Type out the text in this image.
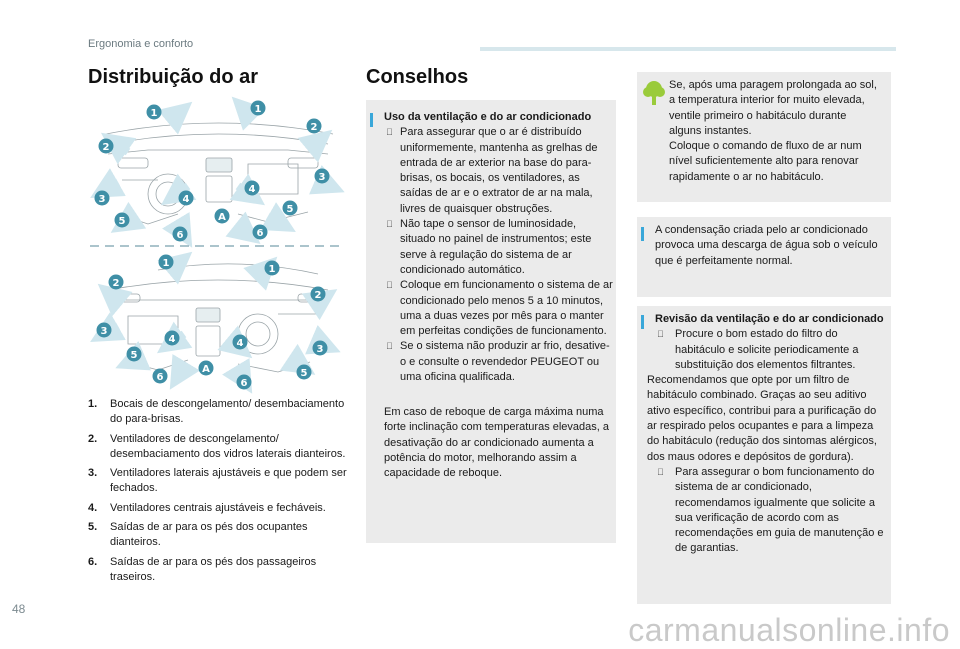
Ergonomia e conforto
Distribuição do ar
1	1
2
2
3
3
4
4
5
5
6	6
A
1
1
2
2
3
3
4	4
5
5
6
6
A
1. Bocais de descongelamento/ desembaciamento do para-brisas.
2. Ventiladores de descongelamento/ desembaciamento dos vidros laterais dianteiros.
3. Ventiladores laterais ajustáveis e que podem ser fechados.
4. Ventiladores centrais ajustáveis e fecháveis.
5. Saídas de ar para os pés dos ocupantes dianteiros.
6. Saídas de ar para os pés dos passageiros traseiros.
Conselhos
Uso da ventilação e do ar condicionado
Para assegurar que o ar é distribuído uniformemente, mantenha as grelhas de entrada de ar exterior na base do para-brisas, os bocais, os ventiladores, as saídas de ar e o extrator de ar na mala, livres de quaisquer obstruções.
Não tape o sensor de luminosidade, situado no painel de instrumentos; este serve à regulação do sistema de ar condicionado automático.
Coloque em funcionamento o sistema de ar condicionado pelo menos 5 a 10 minutos, uma a duas vezes por mês para o manter em perfeitas condições de funcionamento.
Se o sistema não produzir ar frio, desative-o e consulte o revendedor PEUGEOT ou uma oficina qualificada.
Em caso de reboque de carga máxima numa forte inclinação com temperaturas elevadas, a desativação do ar condicionado aumenta a potência do motor, melhorando assim a capacidade de reboque.
Se, após uma paragem prolongada ao sol, a temperatura interior for muito elevada, ventile primeiro o habitáculo durante alguns instantes.
Coloque o comando de fluxo de ar num nível suficientemente alto para renovar rapidamente o ar no habitáculo.
A condensação criada pelo ar condicionado provoca uma descarga de água sob o veículo que é perfeitamente normal.
Revisão da ventilação e do ar condicionado
Procure o bom estado do filtro do habitáculo e solicite periodicamente a substituição dos elementos filtrantes.
Recomendamos que opte por um filtro de habitáculo combinado. Graças ao seu aditivo ativo específico, contribui para a purificação do ar respirado pelos ocupantes e para a limpeza do habitáculo (redução dos sintomas alérgicos, dos maus odores e depósitos de gordura).
Para assegurar o bom funcionamento do sistema de ar condicionado, recomendamos igualmente que solicite a sua verificação de acordo com as recomendações em guia de manutenção e de garantias.
48
carmanualsonline.info
